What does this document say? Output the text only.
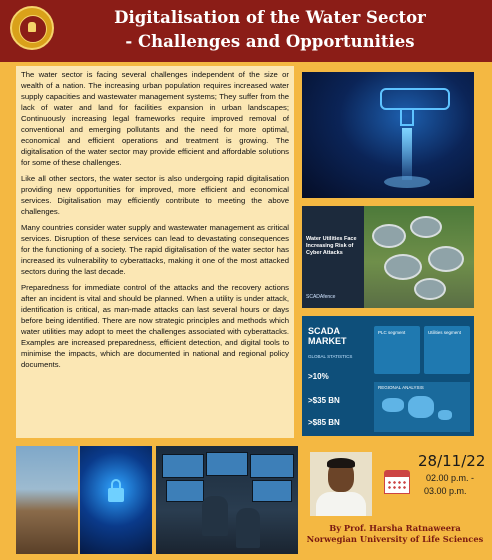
Digitalisation of the Water Sector
- Challenges and Opportunities

The water sector is facing several challenges independent of the size or wealth of a nation. The increasing urban population requires increased water supply capacities and wastewater management systems; They suffer from the lack of water and land for facilities expansion in urban landscapes; Continuously increasing legal frameworks require improved removal of conventional and emerging pollutants and the need for more optimal, economical and efficient operations and treatment is growing. The digitalisation of the water sector may provide efficient and affordable solutions for some of these challenges.

Like all other sectors, the water sector is also undergoing rapid digitalisation providing new opportunities for improved, more efficient and economical services. Digitalisation may efficiently contribute to meeting the above challenges.

Many countries consider water supply and wastewater management as critical services. Disruption of these services can lead to devastating consequences for the functioning of a society. The rapid digitalisation of the water sector has increased its vulnerability to cyberattacks, making it one of the most attacked sectors during the last decade.

Preparedness for immediate control of the attacks and the recovery actions after an incident is vital and should be planned. When a utility is under attack, identification is critical, as man-made attacks can last several hours or days before being identified. There are now strategic principles and methods which water utilities may adopt to meet the challenges associated with cyberattacks. Examples are increased preparedness, efficient detection, and digital tools to minimise the impacts, which are documented in national and regional policy documents.

Water Utilities Face Increasing Risk of Cyber Attacks
SCADAfence
SCADA MARKET
GLOBAL STATISTICS
>10%
>$35 BN
>$85 BN
PLC segment	Utilities segment
REGIONAL ANALYSIS
28/11/22
02.00 p.m. -
03.00 p.m.
By Prof. Harsha Ratnaweera
Norwegian University of Life Sciences
